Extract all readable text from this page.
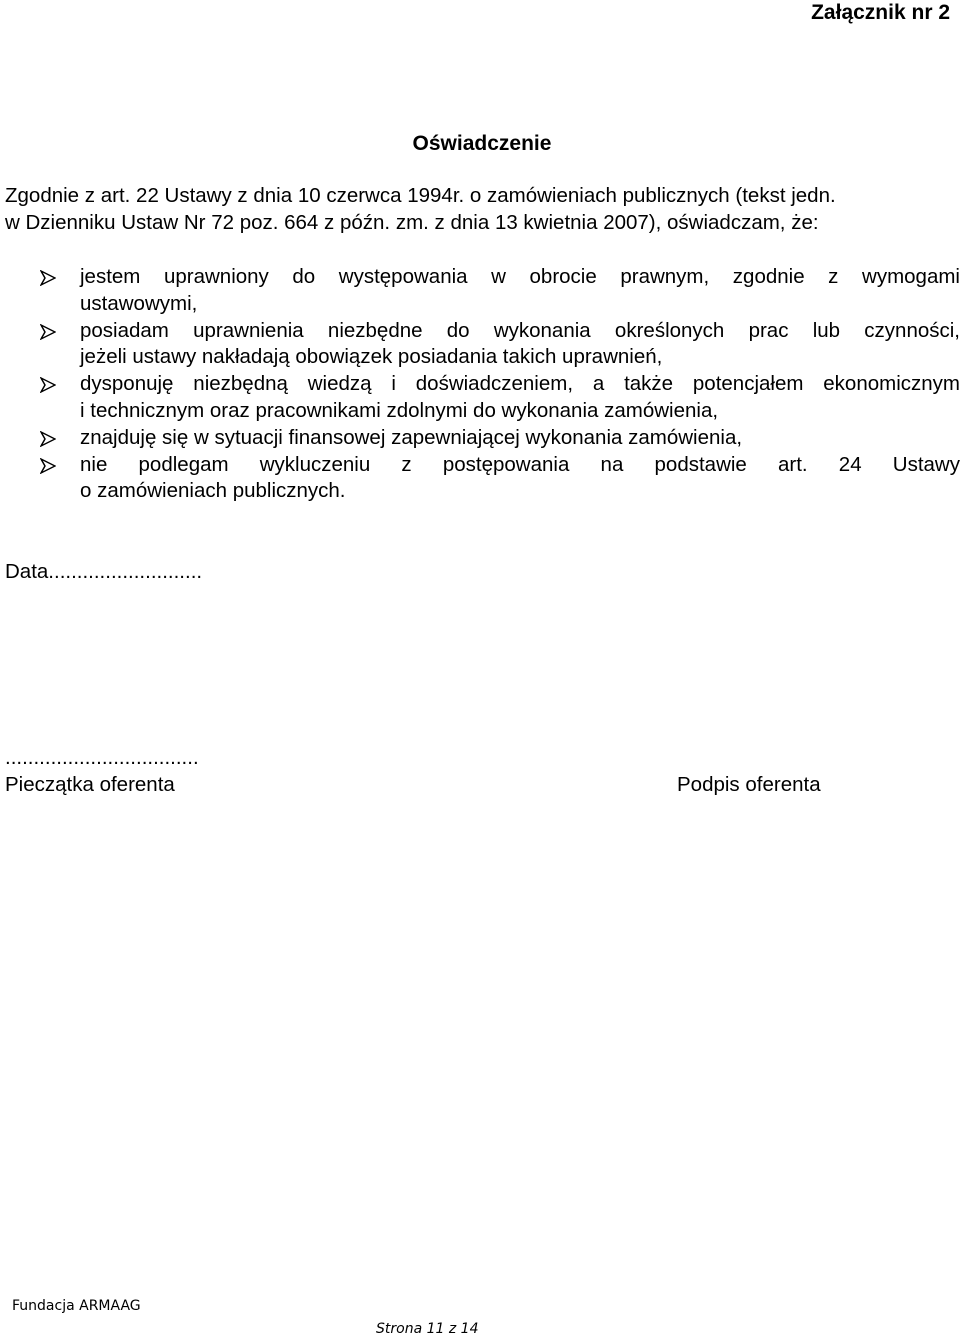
Załącznik nr 2
Oświadczenie
Zgodnie z art. 22 Ustawy z dnia 10 czerwca 1994r. o zamówieniach publicznych (tekst jedn.
w Dzienniku Ustaw Nr 72 poz. 664 z późn. zm. z dnia 13 kwietnia 2007), oświadczam, że:
jestem uprawniony do występowania w obrocie prawnym, zgodnie z wymogami
ustawowymi,
posiadam uprawnienia niezbędne do wykonania określonych prac lub czynności,
jeżeli ustawy nakładają obowiązek posiadania takich uprawnień,
dysponuję niezbędną wiedzą i doświadczeniem, a także potencjałem ekonomicznym
i technicznym oraz pracownikami zdolnymi do wykonania zamówienia,
znajduję się w sytuacji finansowej zapewniającej wykonania zamówienia,
nie podlegam wykluczeniu z postępowania na podstawie art. 24 Ustawy
o zamówieniach publicznych.
Data...........................
..................................
Pieczątka oferenta	Podpis oferenta
Fundacja ARMAAG
Strona 11 z 14
